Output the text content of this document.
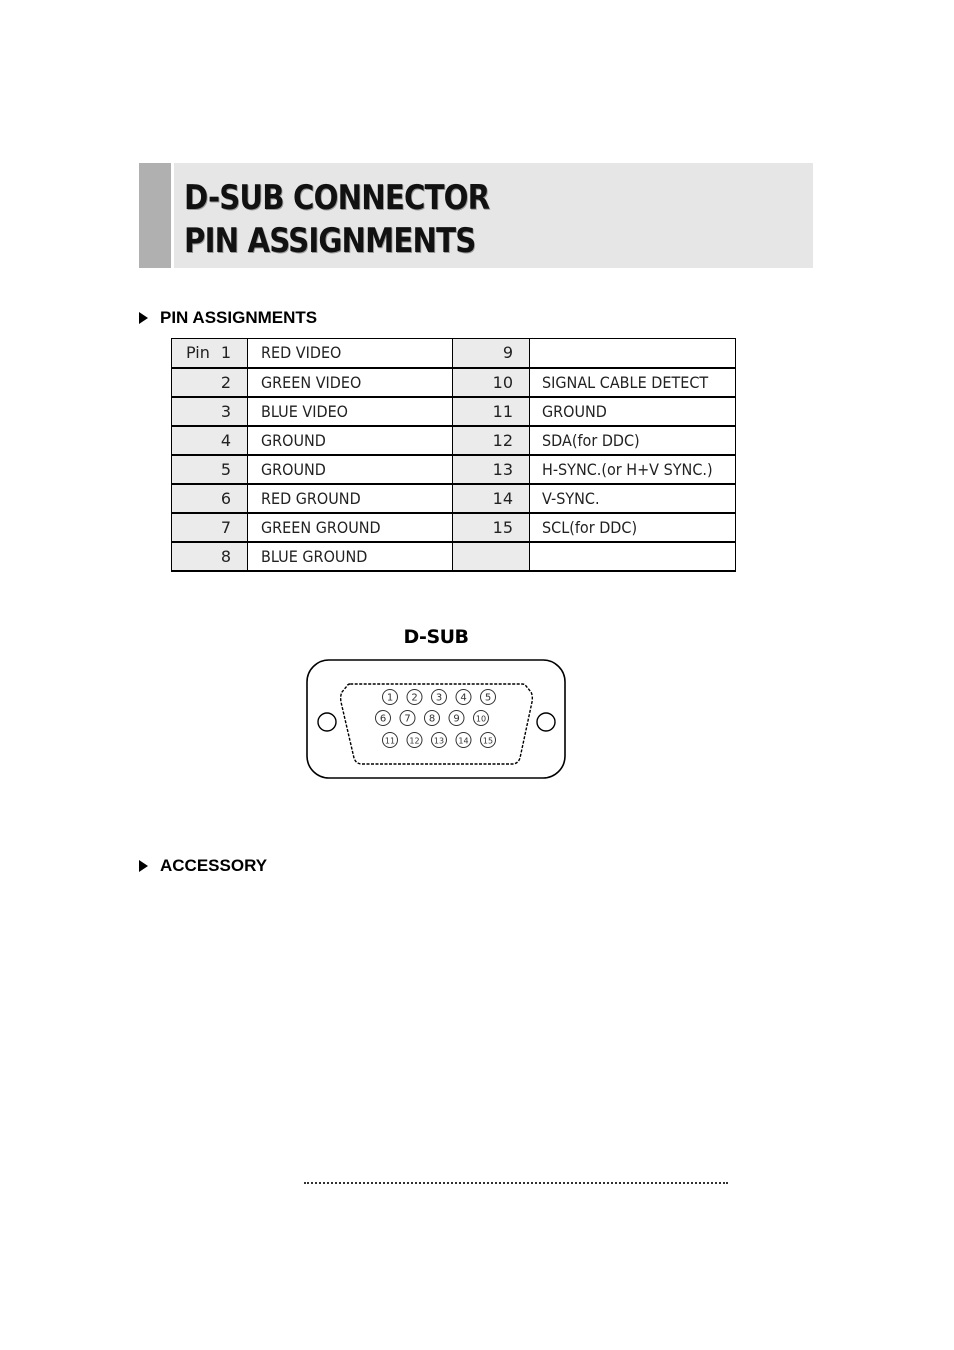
D-SUB CONNECTOR
PIN ASSIGNMENTS
PIN ASSIGNMENTS
Pin 1	RED VIDEO	9	
2	GREEN VIDEO	10	SIGNAL CABLE DETECT
3	BLUE VIDEO	11	GROUND
4	GROUND	12	SDA(for DDC)
5	GROUND	13	H-SYNC.(or H+V SYNC.)
6	RED GROUND	14	V-SYNC.
7	GREEN GROUND	15	SCL(for DDC)
8	BLUE GROUND		
D-SUB
1 2 3 4 5
6 7 8 9 10
11 12 13 14 15
ACCESSORY
